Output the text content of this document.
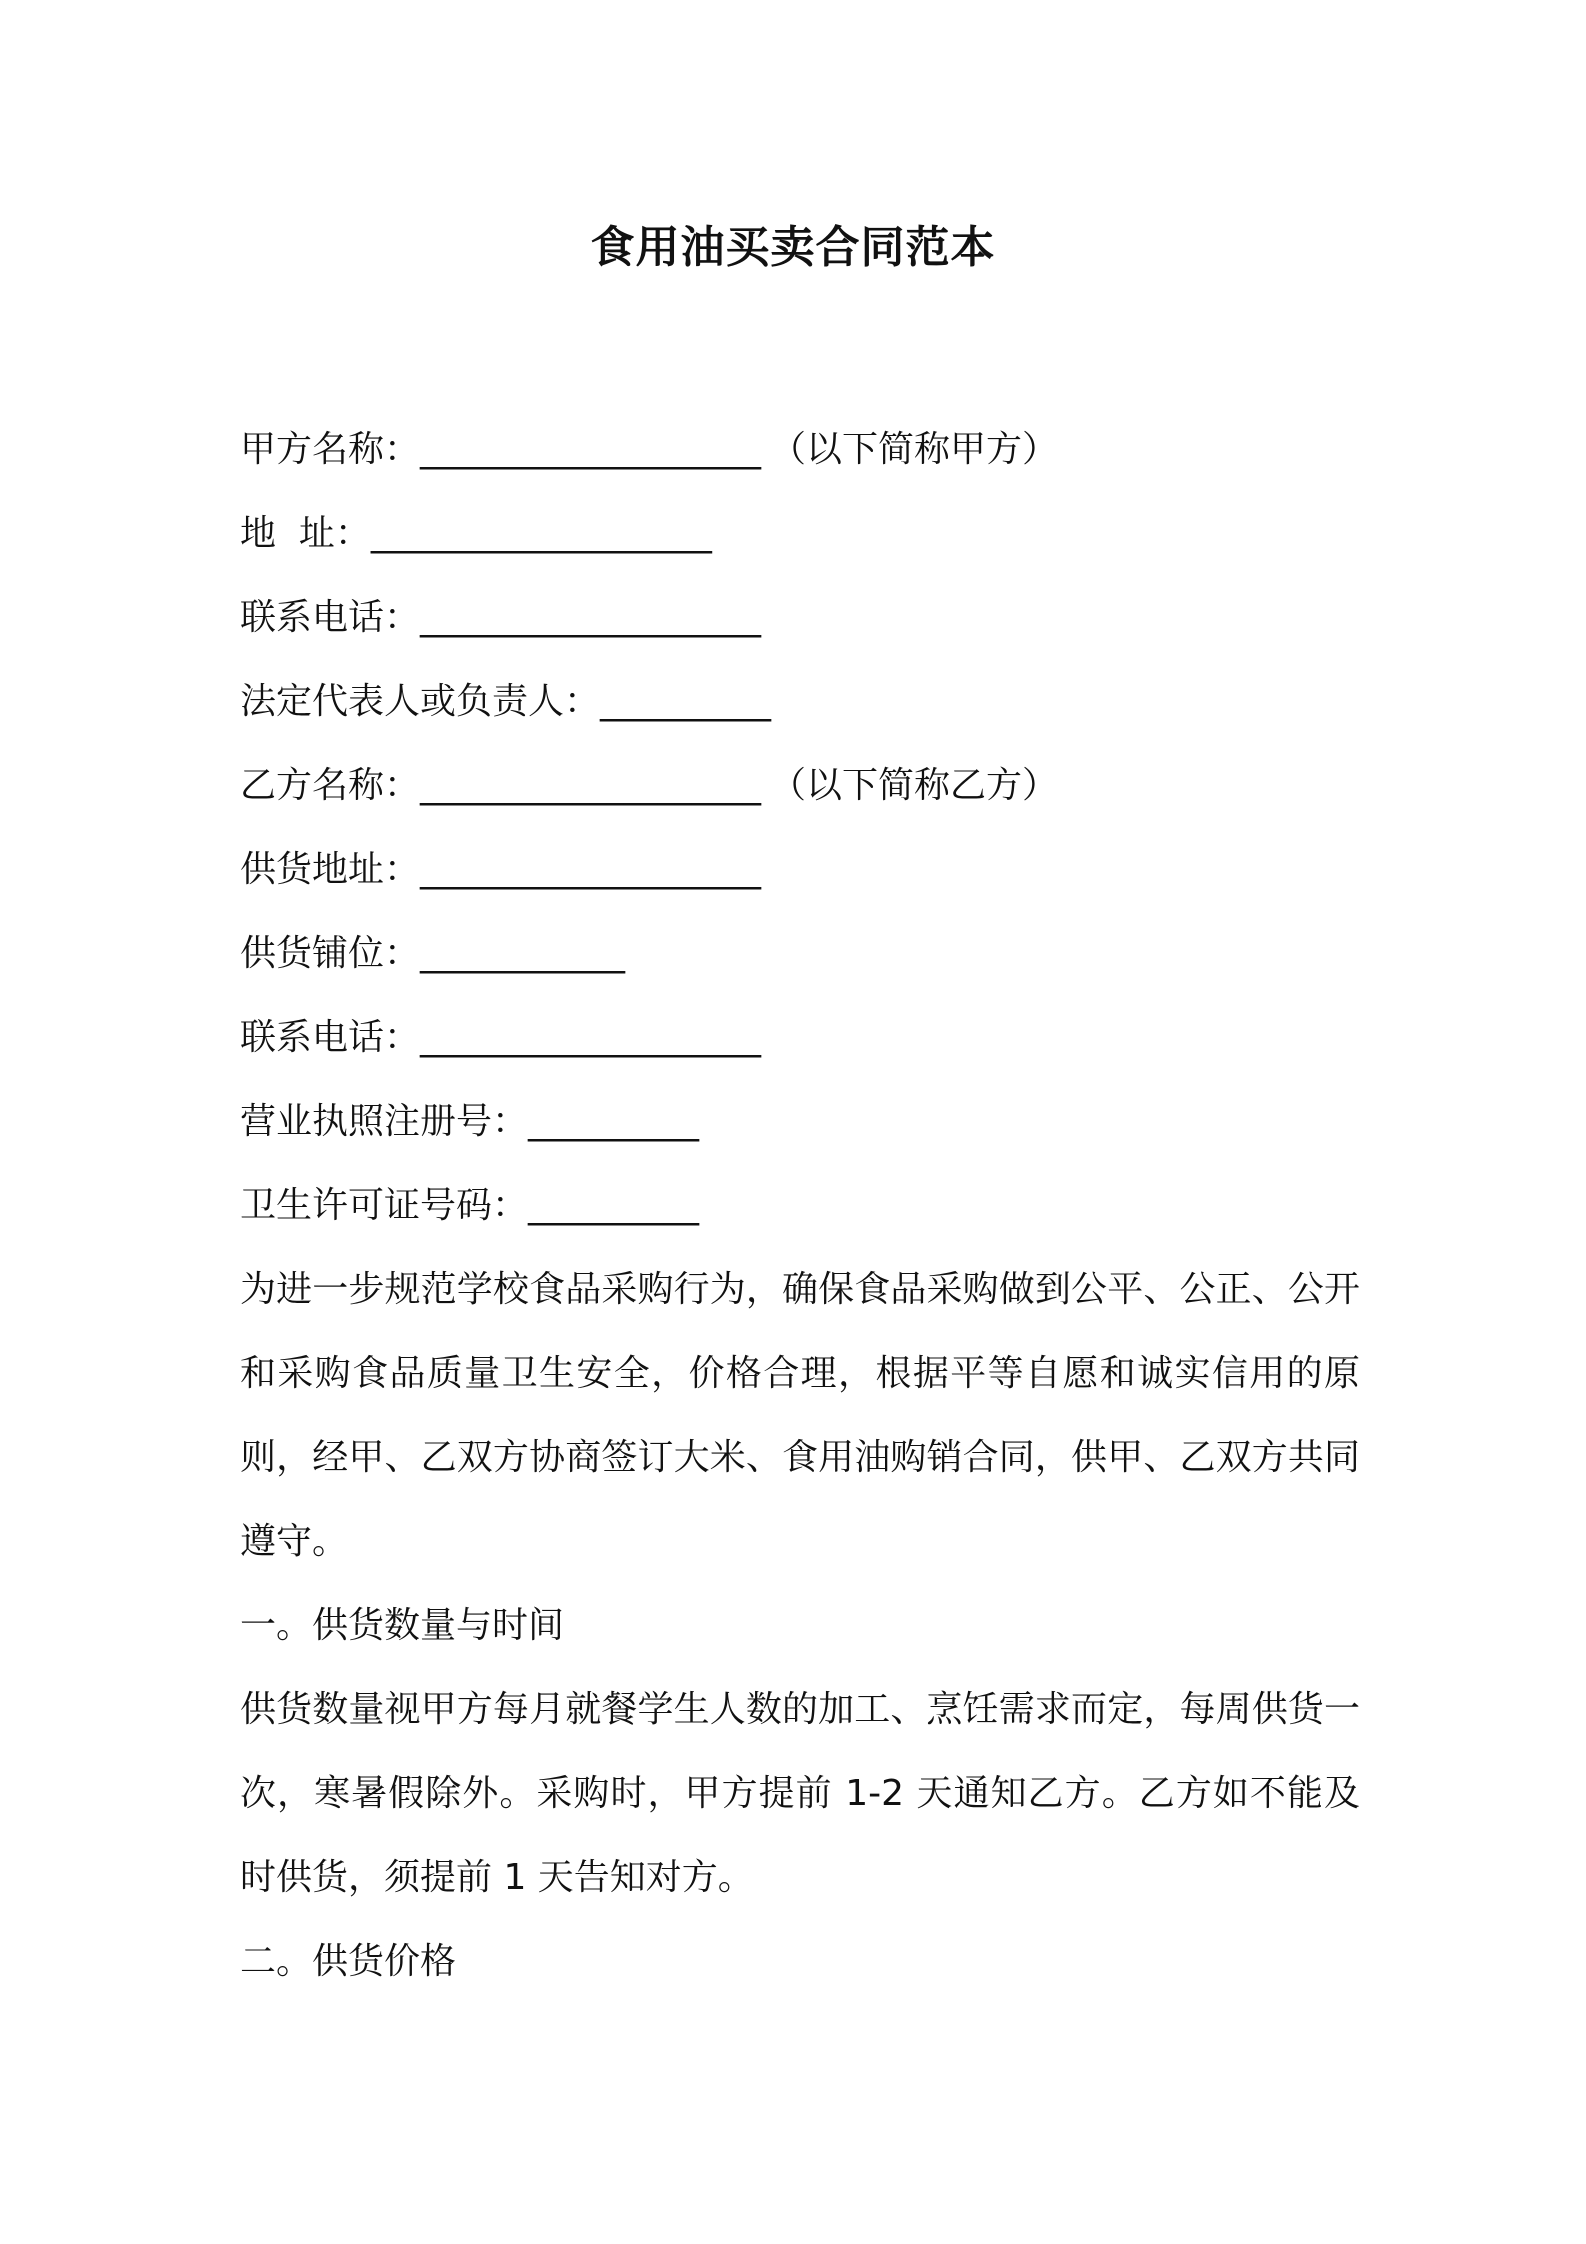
食用油买卖合同范本
甲方名称：____________________ （以下简称甲方）
地  址：____________________
联系电话：____________________
法定代表人或负责人：__________
乙方名称：____________________ （以下简称乙方）
供货地址：____________________
供货铺位：____________
联系电话：____________________
营业执照注册号：__________
卫生许可证号码：__________
为进一步规范学校食品采购行为，确保食品采购做到公平、公正、公开和采购食品质量卫生安全，价格合理，根据平等自愿和诚实信用的原则，经甲、乙双方协商签订大米、食用油购销合同，供甲、乙双方共同遵守。
一。供货数量与时间
供货数量视甲方每月就餐学生人数的加工、烹饪需求而定，每周供货一次，寒暑假除外。采购时，甲方提前 1-2 天通知乙方。乙方如不能及时供货，须提前 1 天告知对方。
二。供货价格
